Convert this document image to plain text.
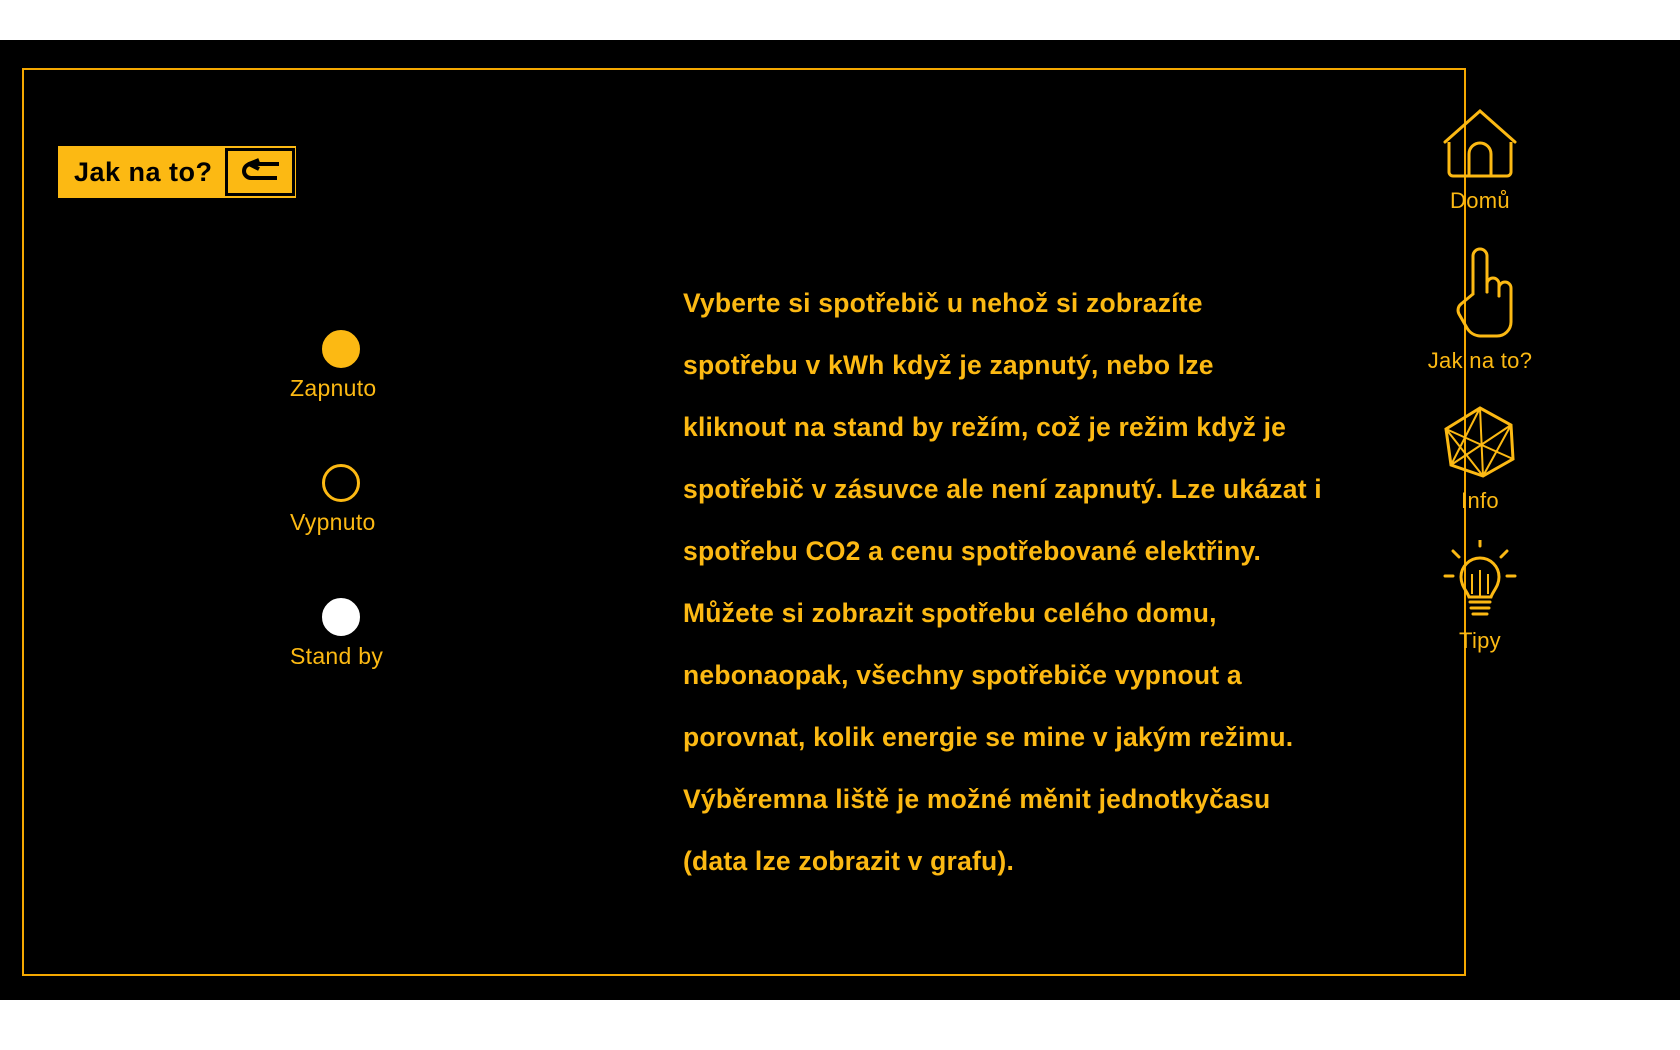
Jak na to?
Zapnuto
Vypnuto
Stand by
Vyberte si spotřebič u nehož si zobrazíte spotřebu v kWh když je zapnutý, nebo lze kliknout na stand by režím, což je režim když je spotřebič v zásuvce ale není zapnutý. Lze ukázat i spotřebu CO2 a cenu spotřebované elektřiny. Můžete si zobrazit spotřebu celého domu, nebonaopak, všechny spotřebiče vypnout a porovnat, kolik energie se mine v jakým režimu. Výběremna liště je možné měnit jednotkyčasu (data lze zobrazit v grafu).
Domů
Jak na to?
Info
Tipy
